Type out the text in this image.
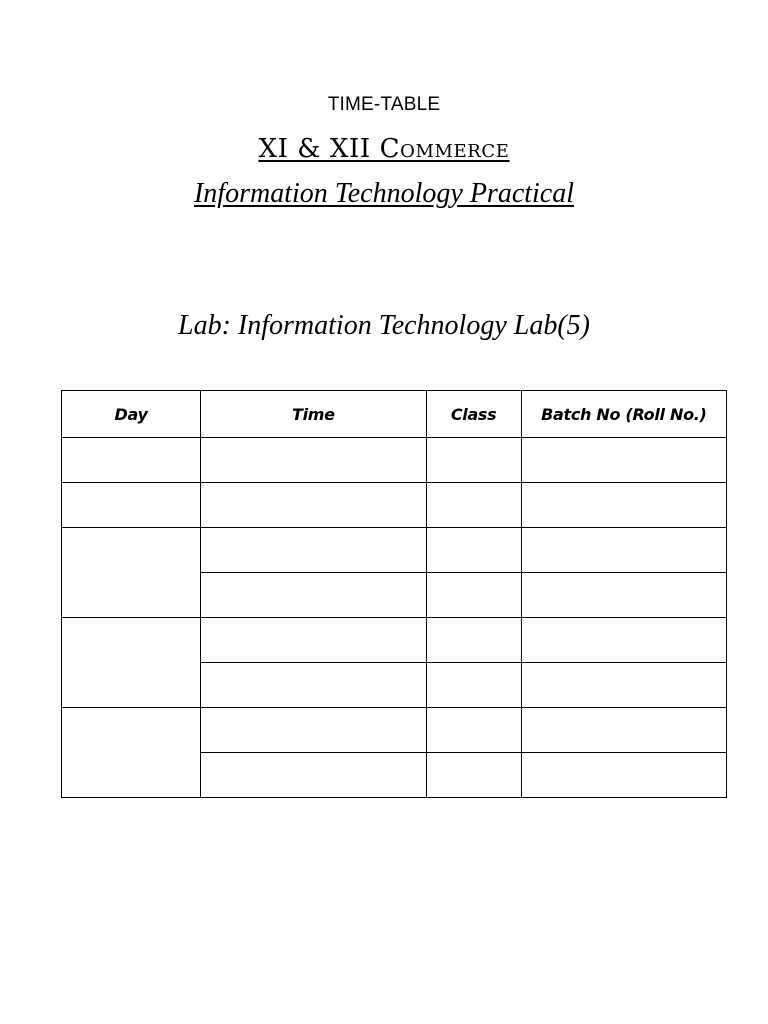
TIME-TABLE
XI & XII Commerce
Information Technology Practical
Lab: Information Technology Lab(5)
Day	Time	Class	Batch No (Roll No.)
